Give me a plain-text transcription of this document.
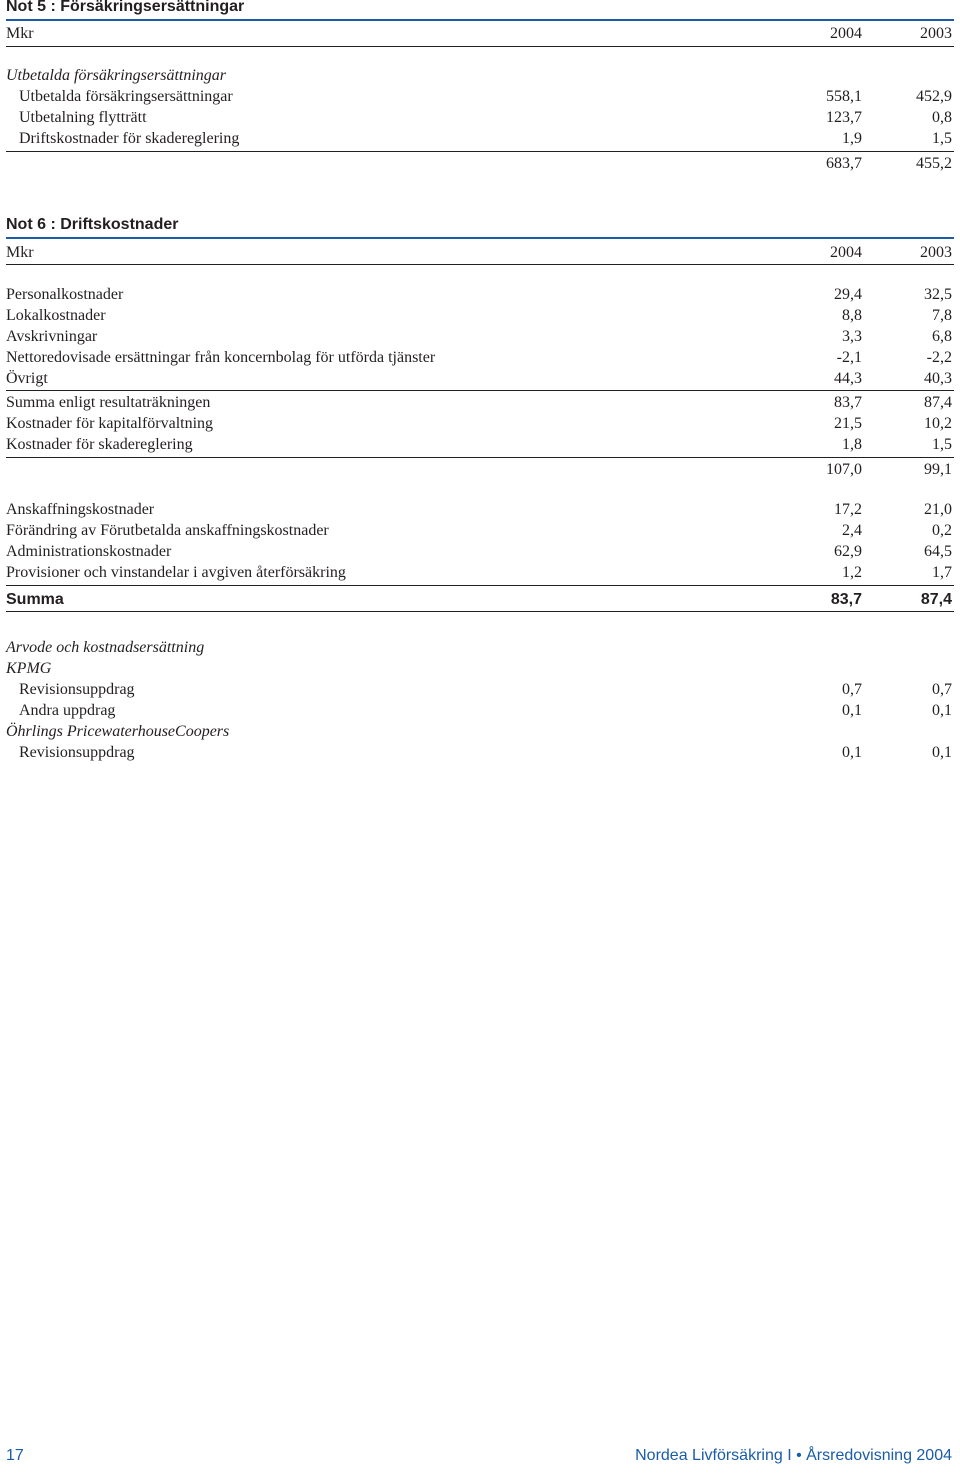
Not 5 : Försäkringsersättningar
Mkr	2004	2003
Utbetalda försäkringsersättningar
Utbetalda försäkringsersättningar	558,1	452,9
Utbetalning flytträtt	123,7	0,8
Driftskostnader för skadereglering	1,9	1,5
683,7	455,2
Not 6 : Driftskostnader
Mkr	2004	2003
Personalkostnader	29,4	32,5
Lokalkostnader	8,8	7,8
Avskrivningar	3,3	6,8
Nettoredovisade ersättningar från koncernbolag för utförda tjänster	-2,1	-2,2
Övrigt	44,3	40,3
Summa enligt resultaträkningen	83,7	87,4
Kostnader för kapitalförvaltning	21,5	10,2
Kostnader för skadereglering	1,8	1,5
107,0	99,1
Anskaffningskostnader	17,2	21,0
Förändring av Förutbetalda anskaffningskostnader	2,4	0,2
Administrationskostnader	62,9	64,5
Provisioner och vinstandelar i avgiven återförsäkring	1,2	1,7
Summa	83,7	87,4
Arvode och kostnadsersättning
KPMG
Revisionsuppdrag	0,7	0,7
Andra uppdrag	0,1	0,1
Öhrlings PricewaterhouseCoopers
Revisionsuppdrag	0,1	0,1
17	Nordea Livförsäkring I • Årsredovisning 2004
